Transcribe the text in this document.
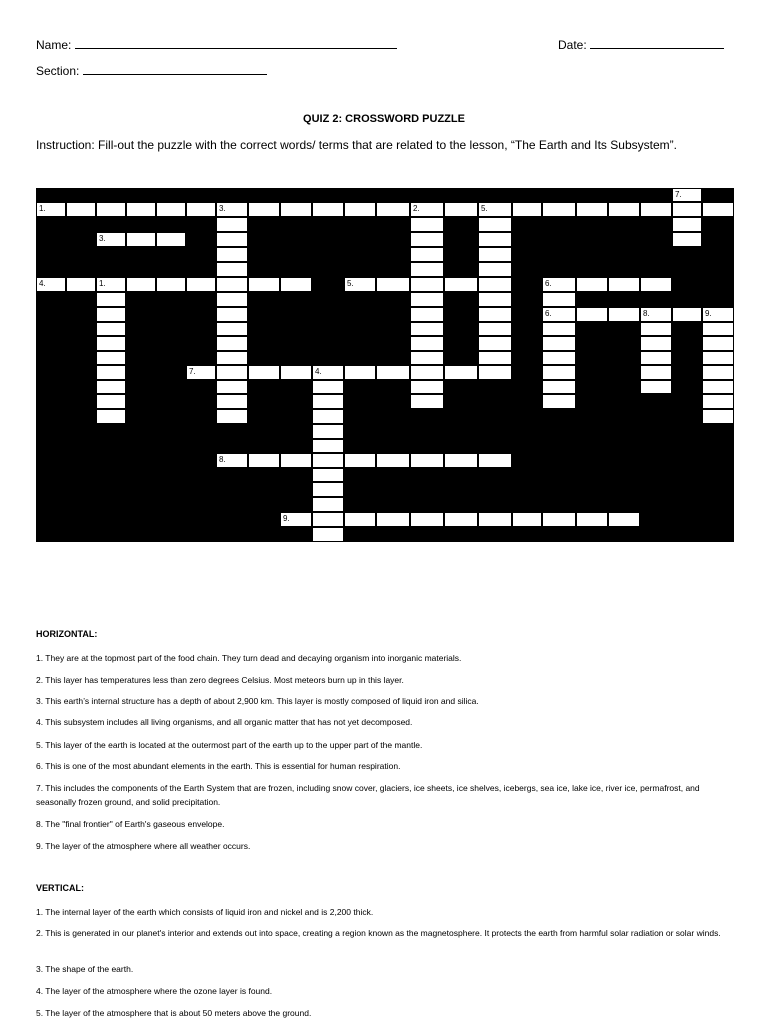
Name:	Date:
Section:
QUIZ 2: CROSSWORD PUZZLE
Instruction: Fill-out the puzzle with the correct words/ terms that are related to the lesson, “The Earth and Its Subsystem”.
1.	3.
3.
2.	5.
4.	1.	5.	6.
6.	8.	9.
7.	4.
8.
9.
7.
HORIZONTAL:
1. They are at the topmost part of the food chain. They turn dead and decaying organism into inorganic materials.
2. This layer has temperatures less than zero degrees Celsius. Most meteors burn up in this layer.
3. This earth’s internal structure has a depth of about 2,900 km. This layer is mostly composed of liquid iron and silica.
4. This subsystem includes all living organisms, and all organic matter that has not yet decomposed.
5. This layer of the earth is located at the outermost part of the earth up to the upper part of the mantle.
6. This is one of the most abundant elements in the earth. This is essential for human respiration.
7. This includes the components of the Earth System that are frozen, including snow cover, glaciers, ice sheets, ice shelves, icebergs, sea ice, lake ice, river ice, permafrost, and seasonally frozen ground, and solid precipitation.
8. The "final frontier" of Earth's gaseous envelope.
9. The layer of the atmosphere where all weather occurs.
VERTICAL:
1. The internal layer of the earth which consists of liquid iron and nickel and is 2,200 thick.
2. This is generated in our planet's interior and extends out into space, creating a region known as the magnetosphere. It protects the earth from harmful solar radiation or solar winds.
3. The shape of the earth.
4. The layer of the atmosphere where the ozone layer is found.
5. The layer of the atmosphere that is about 50 meters above the ground.
